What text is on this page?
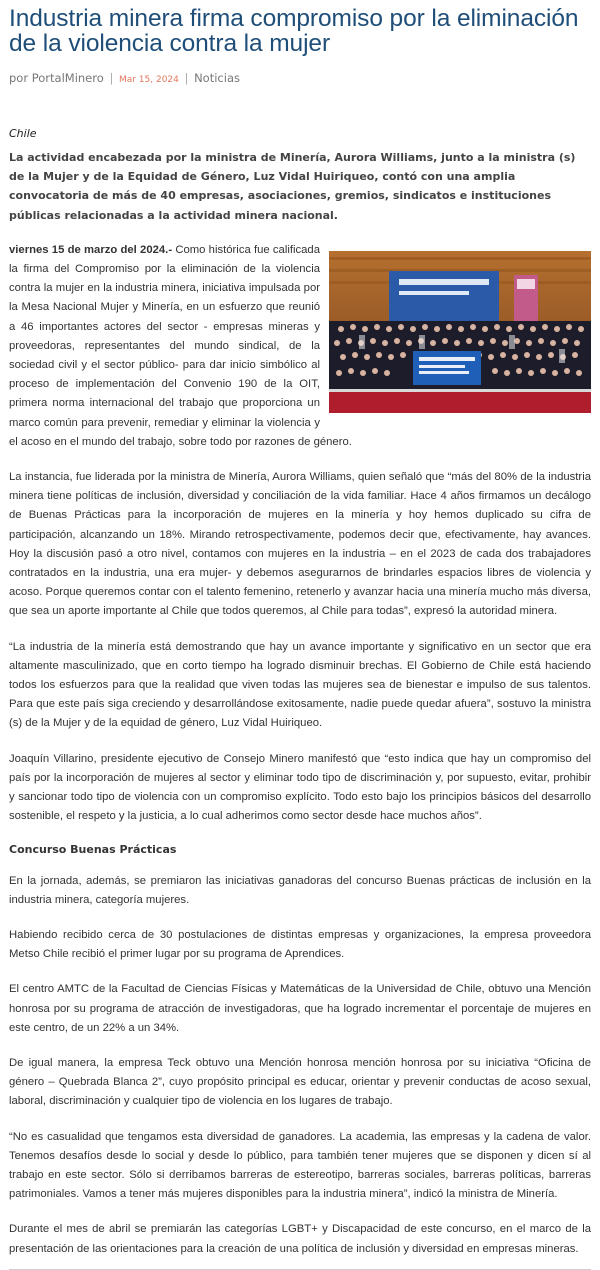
Industria minera firma compromiso por la eliminación de la violencia contra la mujer
por PortalMinero | Mar 15, 2024 | Noticias
Chile
La actividad encabezada por la ministra de Minería, Aurora Williams, junto a la ministra (s) de la Mujer y de la Equidad de Género, Luz Vidal Huiriqueo, contó con una amplia convocatoria de más de 40 empresas, asociaciones, gremios, sindicatos e instituciones públicas relacionadas a la actividad minera nacional.

viernes 15 de marzo del 2024.- Como histórica fue calificada la firma del Compromiso por la eliminación de la violencia contra la mujer en la industria minera, iniciativa impulsada por la Mesa Nacional Mujer y Minería, en un esfuerzo que reunió a 46 importantes actores del sector - empresas mineras y proveedoras, representantes del mundo sindical, de la sociedad civil y el sector público- para dar inicio simbólico al proceso de implementación del Convenio 190 de la OIT, primera norma internacional del trabajo que proporciona un marco común para prevenir, remediar y eliminar la violencia y el acoso en el mundo del trabajo, sobre todo por razones de género.

La instancia, fue liderada por la ministra de Minería, Aurora Williams, quien señaló que “más del 80% de la industria minera tiene políticas de inclusión, diversidad y conciliación de la vida familiar. Hace 4 años firmamos un decálogo de Buenas Prácticas para la incorporación de mujeres en la minería y hoy hemos duplicado su cifra de participación, alcanzando un 18%. Mirando retrospectivamente, podemos decir que, efectivamente, hay avances. Hoy la discusión pasó a otro nivel, contamos con mujeres en la industria – en el 2023 de cada dos trabajadores contratados en la industria, una era mujer- y debemos asegurarnos de brindarles espacios libres de violencia y acoso. Porque queremos contar con el talento femenino, retenerlo y avanzar hacia una minería mucho más diversa, que sea un aporte importante al Chile que todos queremos, al Chile para todas”, expresó la autoridad minera.

“La industria de la minería está demostrando que hay un avance importante y significativo en un sector que era altamente masculinizado, que en corto tiempo ha logrado disminuir brechas. El Gobierno de Chile está haciendo todos los esfuerzos para que la realidad que viven todas las mujeres sea de bienestar e impulso de sus talentos. Para que este país siga creciendo y desarrollándose exitosamente, nadie puede quedar afuera”, sostuvo la ministra (s) de la Mujer y de la equidad de género, Luz Vidal Huiriqueo.

Joaquín Villarino, presidente ejecutivo de Consejo Minero manifestó que “esto indica que hay un compromiso del país por la incorporación de mujeres al sector y eliminar todo tipo de discriminación y, por supuesto, evitar, prohibir y sancionar todo tipo de violencia con un compromiso explícito. Todo esto bajo los principios básicos del desarrollo sostenible, el respeto y la justicia, a lo cual adherimos como sector desde hace muchos años”.

Concurso Buenas Prácticas

En la jornada, además, se premiaron las iniciativas ganadoras del concurso Buenas prácticas de inclusión en la industria minera, categoría mujeres.

Habiendo recibido cerca de 30 postulaciones de distintas empresas y organizaciones, la empresa proveedora Metso Chile recibió el primer lugar por su programa de Aprendices.

El centro AMTC de la Facultad de Ciencias Físicas y Matemáticas de la Universidad de Chile, obtuvo una Mención honrosa por su programa de atracción de investigadoras, que ha logrado incrementar el porcentaje de mujeres en este centro, de un 22% a un 34%.

De igual manera, la empresa Teck obtuvo una Mención honrosa mención honrosa por su iniciativa “Oficina de género – Quebrada Blanca 2”, cuyo propósito principal es educar, orientar y prevenir conductas de acoso sexual, laboral, discriminación y cualquier tipo de violencia en los lugares de trabajo.

“No es casualidad que tengamos esta diversidad de ganadores. La academia, las empresas y la cadena de valor. Tenemos desafíos desde lo social y desde lo público, para también tener mujeres que se disponen y dicen sí al trabajo en este sector. Sólo si derribamos barreras de estereotipo, barreras sociales, barreras políticas, barreras patrimoniales. Vamos a tener más mujeres disponibles para la industria minera”, indicó la ministra de Minería.

Durante el mes de abril se premiarán las categorías LGBT+ y Discapacidad de este concurso, en el marco de la presentación de las orientaciones para la creación de una política de inclusión y diversidad en empresas mineras.
